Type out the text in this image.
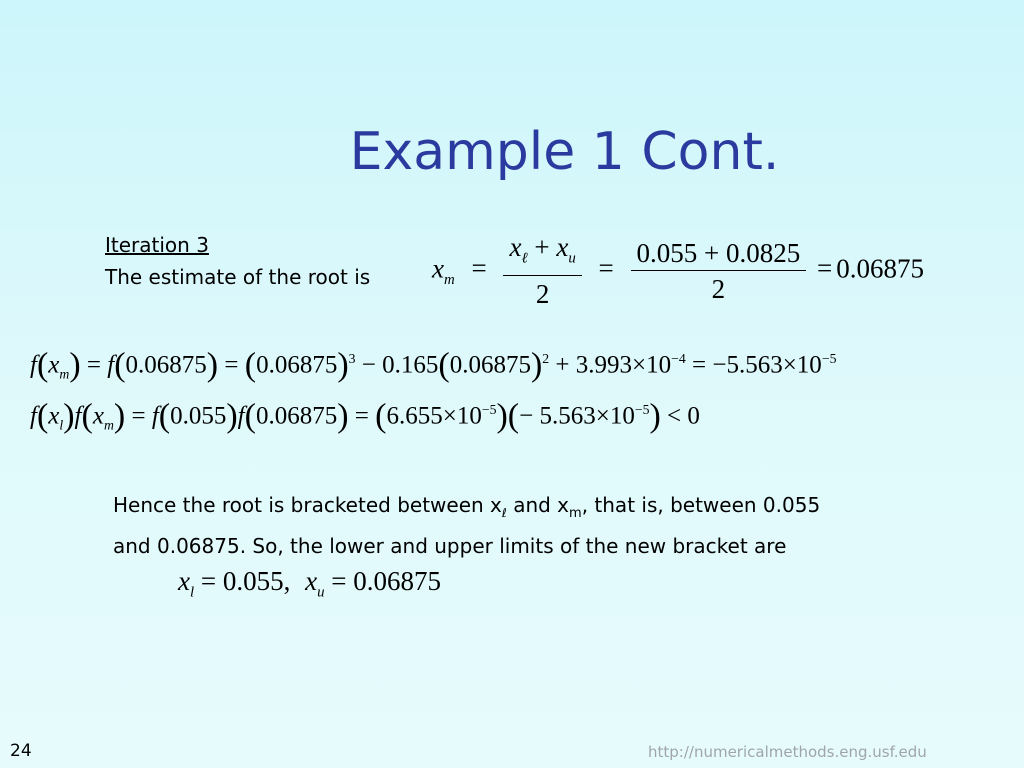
Example 1 Cont.
Iteration 3
The estimate of the root is $x_m = \frac{x_\ell + x_u}{2} = \frac{0.055 + 0.0825}{2} = 0.06875$
$f(x_m) = f(0.06875) = (0.06875)^3 - 0.165(0.06875)^2 + 3.993\times 10^{-4} = -5.563\times 10^{-5}$
$f(x_l)f(x_m) = f(0.055)f(0.06875) = (6.655\times 10^{-5})(- 5.563\times 10^{-5}) < 0$
Hence the root is bracketed between $x_\ell$ and $x_m$, that is, between 0.055
and 0.06875. So, the lower and upper limits of the new bracket are
$x_l = 0.055$, $x_u = 0.06875$
24	http://numericalmethods.eng.usf.edu
